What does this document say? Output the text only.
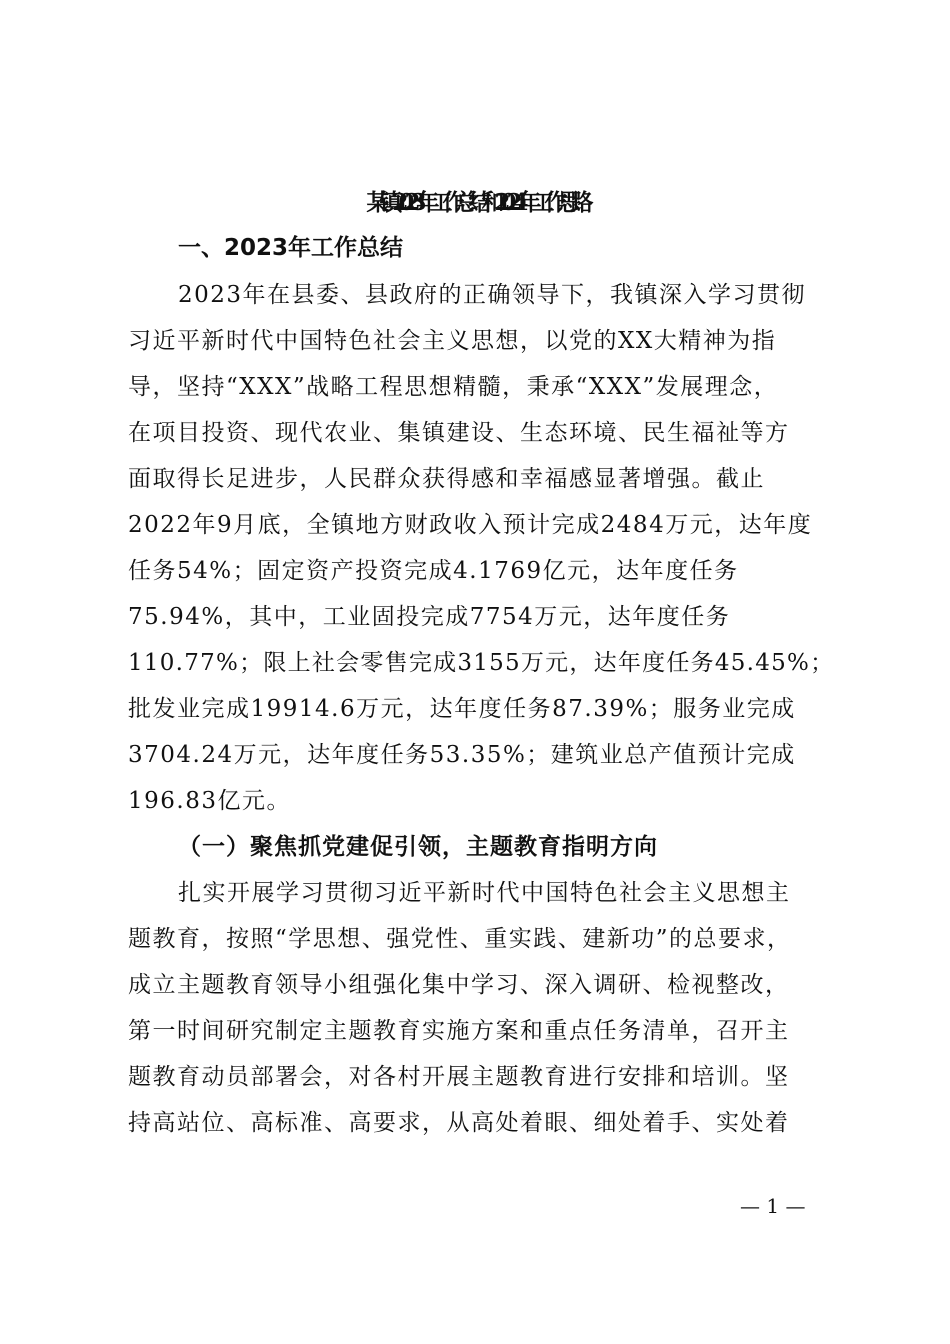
某镇2023年工作总结和2024年工作思路
一、2023年工作总结
2023年在县委、县政府的正确领导下，我镇深入学习贯彻
习近平新时代中国特色社会主义思想，以党的XX大精神为指
导，坚持“XXX”战略工程思想精髓，秉承“XXX”发展理念，
在项目投资、现代农业、集镇建设、生态环境、民生福祉等方
面取得长足进步，人民群众获得感和幸福感显著增强。截止
2022年9月底，全镇地方财政收入预计完成2484万元，达年度
任务54%；固定资产投资完成4.1769亿元，达年度任务
75.94%，其中，工业固投完成7754万元，达年度任务
110.77%；限上社会零售完成3155万元，达年度任务45.45%；
批发业完成19914.6万元，达年度任务87.39%；服务业完成
3704.24万元，达年度任务53.35%；建筑业总产值预计完成
196.83亿元。
（一）聚焦抓党建促引领，主题教育指明方向
扎实开展学习贯彻习近平新时代中国特色社会主义思想主
题教育，按照“学思想、强党性、重实践、建新功”的总要求，
成立主题教育领导小组强化集中学习、深入调研、检视整改，
第一时间研究制定主题教育实施方案和重点任务清单，召开主
题教育动员部署会，对各村开展主题教育进行安排和培训。坚
持高站位、高标准、高要求，从高处着眼、细处着手、实处着
— 1 —
